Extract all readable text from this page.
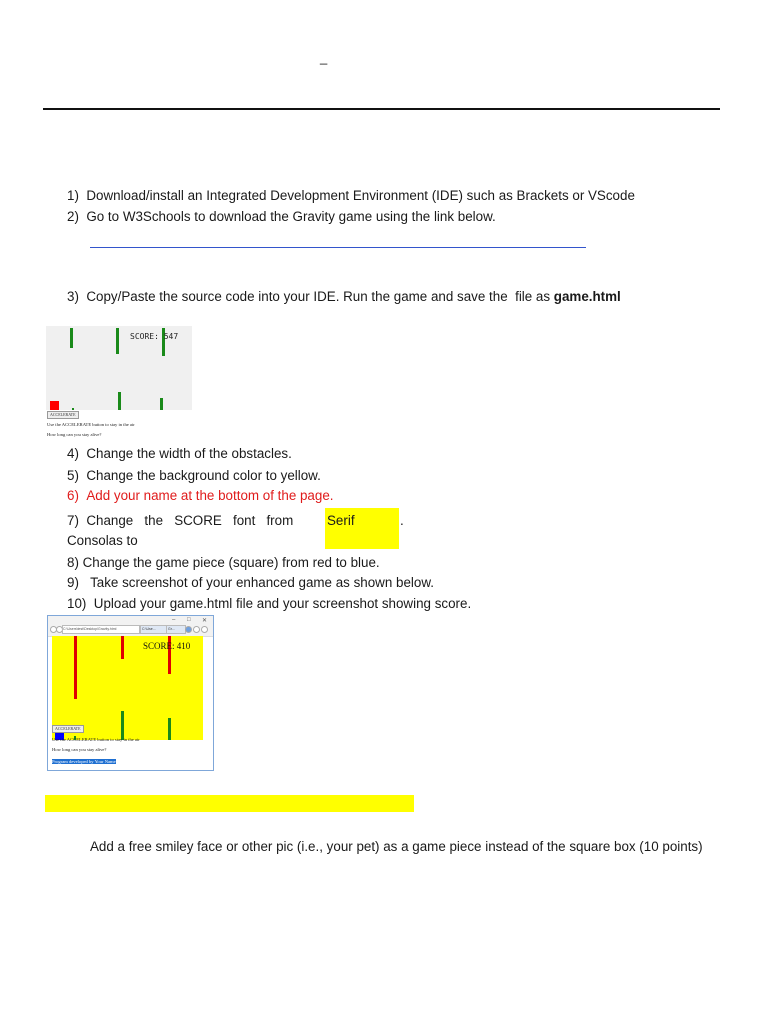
_
1)  Download/install an Integrated Development Environment (IDE) such as Brackets or VScode
2)  Go to W3Schools to download the Gravity game using the link below.
3)  Copy/Paste the source code into your IDE. Run the game and save the  file as game.html
SCORE: 547
ACCELERATE
Use the ACCELERATE button to stay in the air
How long can you stay alive?
4)  Change the width of the obstacles.
5)  Change the background color to yellow.
6)  Add your name at the bottom of the page.
7)  Change   the   SCORE   font   from
Consolas to
Serif	.
8) Change the game piece (square) from red to blue.
9)   Take screenshot of your enhanced game as shown below.
10)  Upload your game.html file and your screenshot showing score.
– □ ✕
C:\Users\test\Desktop\Gravity.html	C:\Use...	Gr...
SCORE: 410
ACCELERATE
Use the ACCELERATE button to stay in the air
How long can you stay alive?
Program developed by Your Name
Add a free smiley face or other pic (i.e., your pet) as a game piece instead of the square box (10 points)
